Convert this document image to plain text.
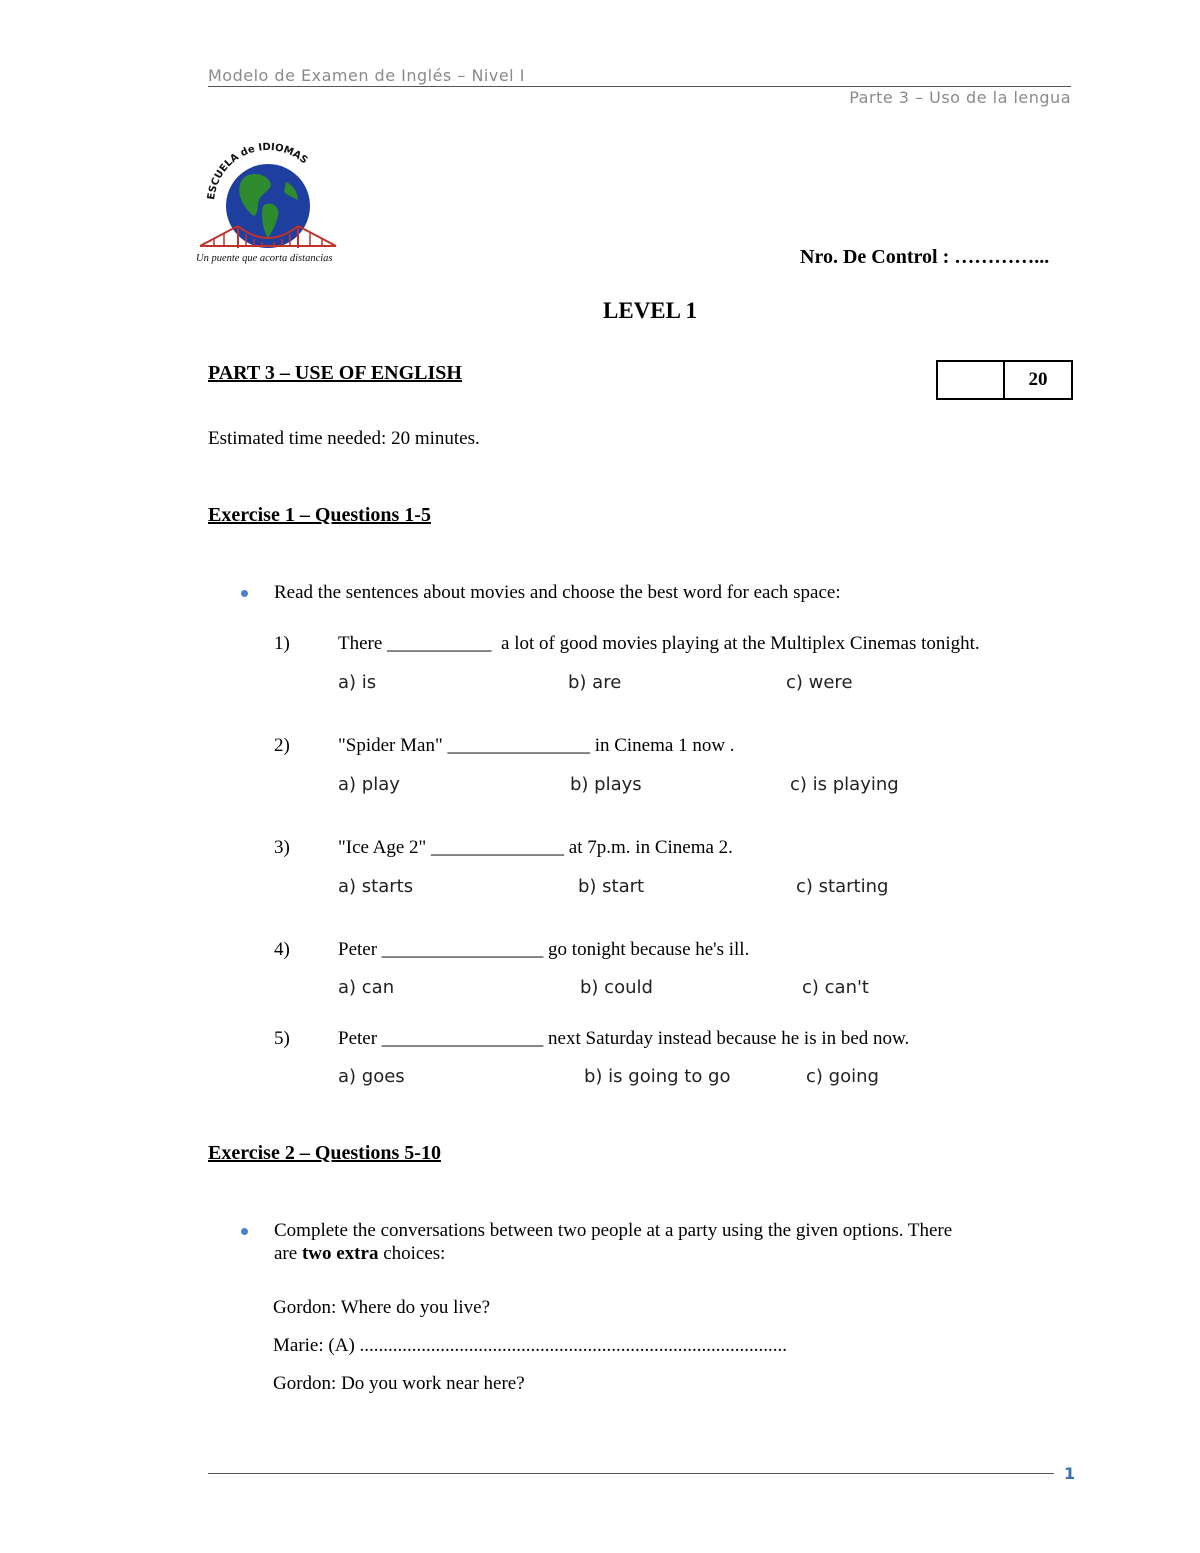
Modelo de Examen de Inglés – Nivel I
Parte 3 – Uso de la lengua
ESCUELA de IDIOMAS
Un puente que acorta distancias	Nro. De Control : …………...
LEVEL 1
PART 3 – USE OF ENGLISH	20
Estimated time needed: 20 minutes.
Exercise 1 – Questions 1-5
Read the sentences about movies and choose the best word for each space:
1)	There ___________  a lot of good movies playing at the Multiplex Cinemas tonight.
a) is	b) are	c) were
2)	"Spider Man" _______________ in Cinema 1 now .
a) play	b) plays	c) is playing
3)	"Ice Age 2" ______________ at 7p.m. in Cinema 2.
a) starts	b) start	c) starting
4)	Peter _________________ go tonight because he's ill.
a) can	b) could	c) can't
5)	Peter _________________ next Saturday instead because he is in bed now.
a) goes	b) is going to go	c) going
Exercise 2 – Questions 5-10
Complete the conversations between two people at a party using the given options. There
are two extra choices:
Gordon: Where do you live?
Marie: (A) ..........................................................................................
Gordon: Do you work near here?
1
